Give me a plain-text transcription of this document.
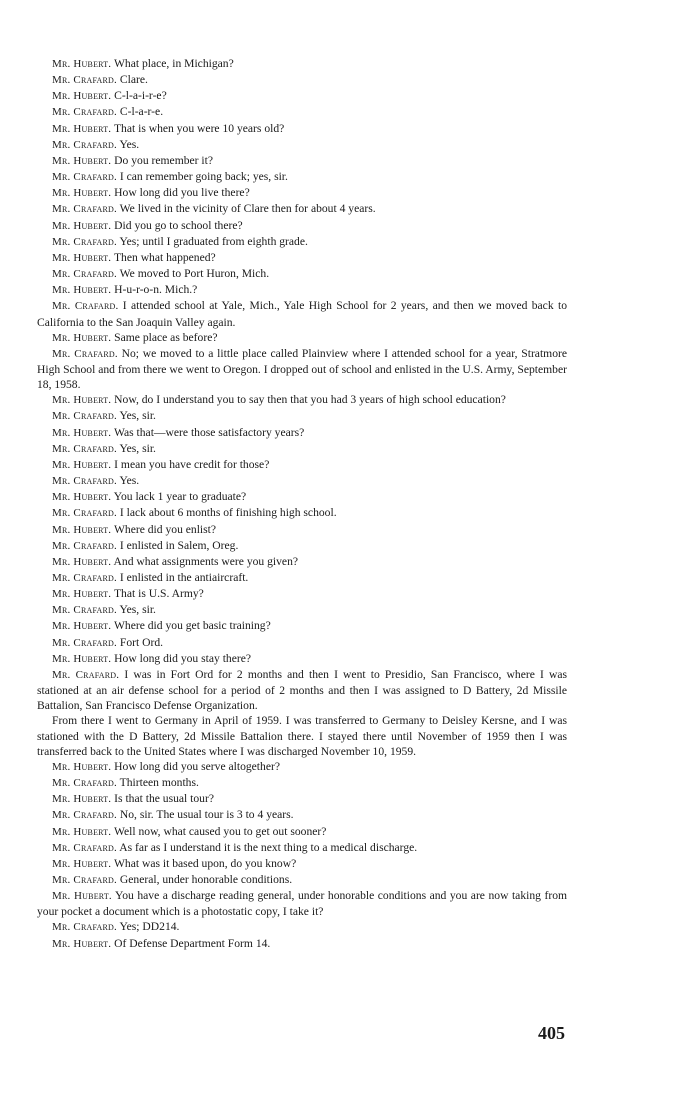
Mr. Hubert. What place, in Michigan?
Mr. Crafard. Clare.
Mr. Hubert. C-l-a-i-r-e?
Mr. Crafard. C-l-a-r-e.
Mr. Hubert. That is when you were 10 years old?
Mr. Crafard. Yes.
Mr. Hubert. Do you remember it?
Mr. Crafard. I can remember going back; yes, sir.
Mr. Hubert. How long did you live there?
Mr. Crafard. We lived in the vicinity of Clare then for about 4 years.
Mr. Hubert. Did you go to school there?
Mr. Crafard. Yes; until I graduated from eighth grade.
Mr. Hubert. Then what happened?
Mr. Crafard. We moved to Port Huron, Mich.
Mr. Hubert. H-u-r-o-n. Mich.?
Mr. Crafard. I attended school at Yale, Mich., Yale High School for 2 years, and then we moved back to California to the San Joaquin Valley again.
Mr. Hubert. Same place as before?
Mr. Crafard. No; we moved to a little place called Plainview where I attended school for a year, Stratmore High School and from there we went to Oregon. I dropped out of school and enlisted in the U.S. Army, September 18, 1958.
Mr. Hubert. Now, do I understand you to say then that you had 3 years of high school education?
Mr. Crafard. Yes, sir.
Mr. Hubert. Was that—were those satisfactory years?
Mr. Crafard. Yes, sir.
Mr. Hubert. I mean you have credit for those?
Mr. Crafard. Yes.
Mr. Hubert. You lack 1 year to graduate?
Mr. Crafard. I lack about 6 months of finishing high school.
Mr. Hubert. Where did you enlist?
Mr. Crafard. I enlisted in Salem, Oreg.
Mr. Hubert. And what assignments were you given?
Mr. Crafard. I enlisted in the antiaircraft.
Mr. Hubert. That is U.S. Army?
Mr. Crafard. Yes, sir.
Mr. Hubert. Where did you get basic training?
Mr. Crafard. Fort Ord.
Mr. Hubert. How long did you stay there?
Mr. Crafard. I was in Fort Ord for 2 months and then I went to Presidio, San Francisco, where I was stationed at an air defense school for a period of 2 months and then I was assigned to D Battery, 2d Missile Battalion, San Francisco Defense Organization.
From there I went to Germany in April of 1959. I was transferred to Germany to Deisley Kersne, and I was stationed with the D Battery, 2d Missile Battalion there. I stayed there until November of 1959 then I was transferred back to the United States where I was discharged November 10, 1959.
Mr. Hubert. How long did you serve altogether?
Mr. Crafard. Thirteen months.
Mr. Hubert. Is that the usual tour?
Mr. Crafard. No, sir. The usual tour is 3 to 4 years.
Mr. Hubert. Well now, what caused you to get out sooner?
Mr. Crafard. As far as I understand it is the next thing to a medical discharge.
Mr. Hubert. What was it based upon, do you know?
Mr. Crafard. General, under honorable conditions.
Mr. Hubert. You have a discharge reading general, under honorable conditions and you are now taking from your pocket a document which is a photostatic copy, I take it?
Mr. Crafard. Yes; DD214.
Mr. Hubert. Of Defense Department Form 14.
405
